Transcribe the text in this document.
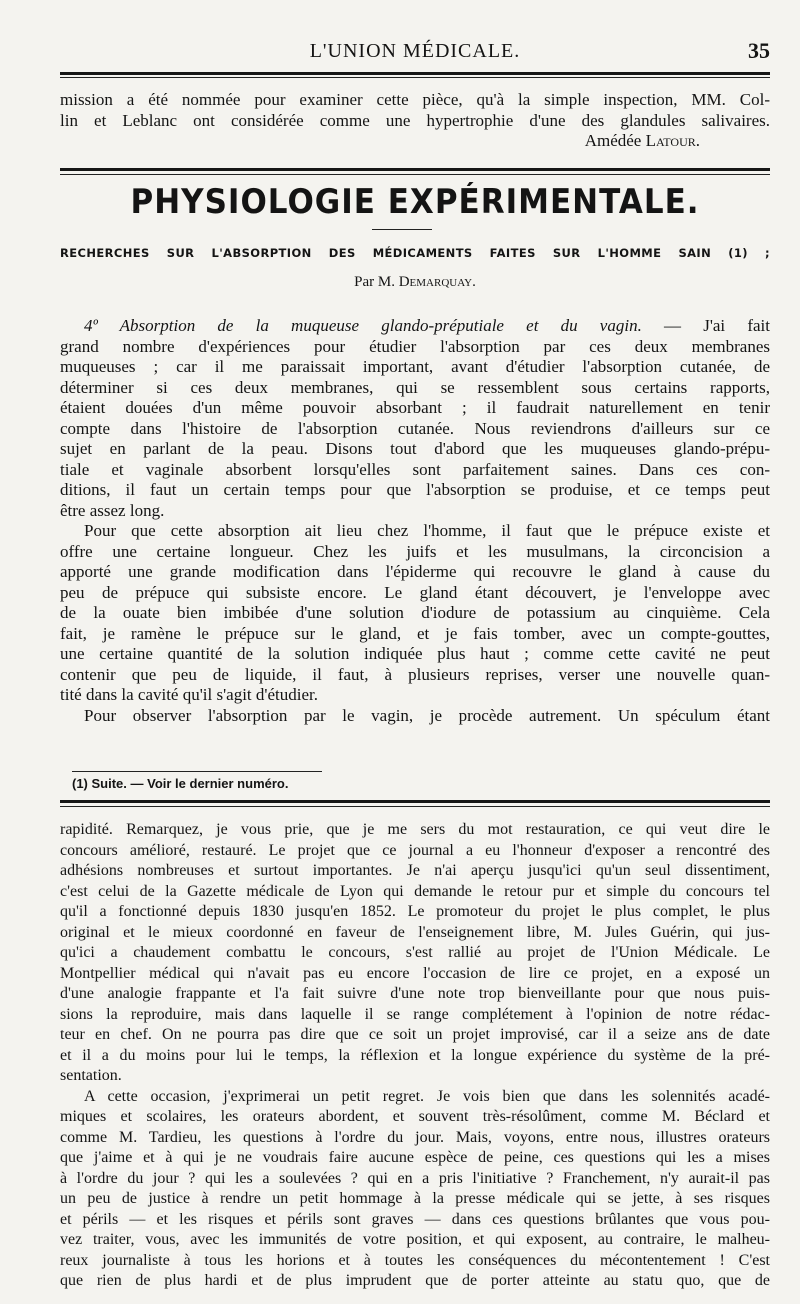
L'UNION MÉDICALE.	35
mission a été nommée pour examiner cette pièce, qu'à la simple inspection, MM. Col-
lin et Leblanc ont considérée comme une hypertrophie d'une des glandules salivaires.
Amédée Latour.
PHYSIOLOGIE EXPÉRIMENTALE.
RECHERCHES SUR L'ABSORPTION DES MÉDICAMENTS FAITES SUR L'HOMME SAIN (1) ;
Par M. Demarquay.
4º Absorption de la muqueuse glando-préputiale et du vagin. — J'ai fait
grand nombre d'expériences pour étudier l'absorption par ces deux membranes
muqueuses ; car il me paraissait important, avant d'étudier l'absorption cutanée, de
déterminer si ces deux membranes, qui se ressemblent sous certains rapports,
étaient douées d'un même pouvoir absorbant ; il faudrait naturellement en tenir
compte dans l'histoire de l'absorption cutanée. Nous reviendrons d'ailleurs sur ce
sujet en parlant de la peau. Disons tout d'abord que les muqueuses glando-prépu-
tiale et vaginale absorbent lorsqu'elles sont parfaitement saines. Dans ces con-
ditions, il faut un certain temps pour que l'absorption se produise, et ce temps peut
être assez long.
Pour que cette absorption ait lieu chez l'homme, il faut que le prépuce existe et
offre une certaine longueur. Chez les juifs et les musulmans, la circoncision a
apporté une grande modification dans l'épiderme qui recouvre le gland à cause du
peu de prépuce qui subsiste encore. Le gland étant découvert, je l'enveloppe avec
de la ouate bien imbibée d'une solution d'iodure de potassium au cinquième. Cela
fait, je ramène le prépuce sur le gland, et je fais tomber, avec un compte-gouttes,
une certaine quantité de la solution indiquée plus haut ; comme cette cavité ne peut
contenir que peu de liquide, il faut, à plusieurs reprises, verser une nouvelle quan-
tité dans la cavité qu'il s'agit d'étudier.
Pour observer l'absorption par le vagin, je procède autrement. Un spéculum étant
(1) Suite. — Voir le dernier numéro.
rapidité. Remarquez, je vous prie, que je me sers du mot restauration, ce qui veut dire le
concours amélioré, restauré. Le projet que ce journal a eu l'honneur d'exposer a rencontré des
adhésions nombreuses et surtout importantes. Je n'ai aperçu jusqu'ici qu'un seul dissentiment,
c'est celui de la Gazette médicale de Lyon qui demande le retour pur et simple du concours tel
qu'il a fonctionné depuis 1830 jusqu'en 1852. Le promoteur du projet le plus complet, le plus
original et le mieux coordonné en faveur de l'enseignement libre, M. Jules Guérin, qui jus-
qu'ici a chaudement combattu le concours, s'est rallié au projet de l'Union Médicale. Le
Montpellier médical qui n'avait pas eu encore l'occasion de lire ce projet, en a exposé un
d'une analogie frappante et l'a fait suivre d'une note trop bienveillante pour que nous puis-
sions la reproduire, mais dans laquelle il se range complétement à l'opinion de notre rédac-
teur en chef. On ne pourra pas dire que ce soit un projet improvisé, car il a seize ans de date
et il a du moins pour lui le temps, la réflexion et la longue expérience du système de la pré-
sentation.
A cette occasion, j'exprimerai un petit regret. Je vois bien que dans les solennités acadé-
miques et scolaires, les orateurs abordent, et souvent très-résolûment, comme M. Béclard et
comme M. Tardieu, les questions à l'ordre du jour. Mais, voyons, entre nous, illustres orateurs
que j'aime et à qui je ne voudrais faire aucune espèce de peine, ces questions qui les a mises
à l'ordre du jour ? qui les a soulevées ? qui en a pris l'initiative ? Franchement, n'y aurait-il pas
un peu de justice à rendre un petit hommage à la presse médicale qui se jette, à ses risques
et périls — et les risques et périls sont graves — dans ces questions brûlantes que vous pou-
vez traiter, vous, avec les immunités de votre position, et qui exposent, au contraire, le malheu-
reux journaliste à tous les horions et à toutes les conséquences du mécontentement ! C'est
que rien de plus hardi et de plus imprudent que de porter atteinte au statu quo, que de
